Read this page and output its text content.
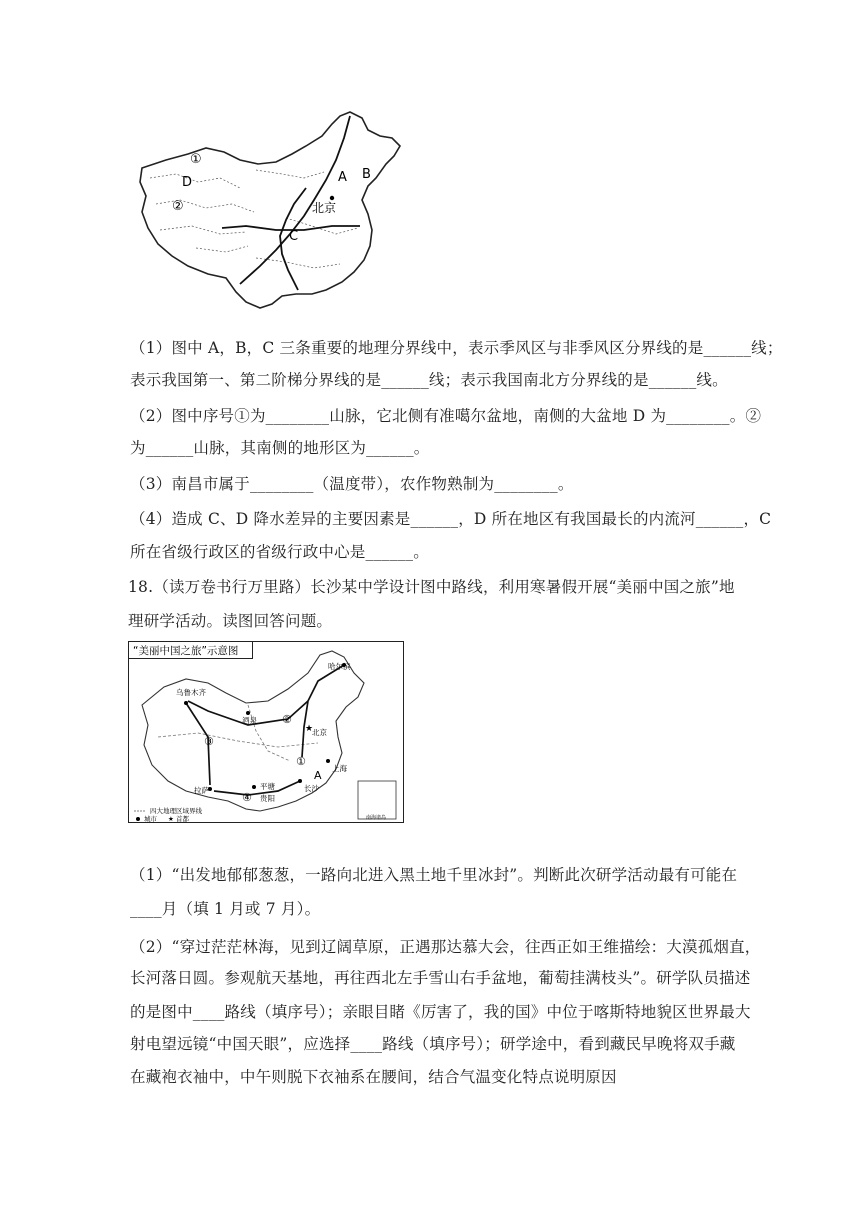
①
D
②
A B
北京
C
（1）图中 A，B，C 三条重要的地理分界线中，表示季风区与非季风区分界线的是______线；
表示我国第一、第二阶梯分界线的是______线；表示我国南北方分界线的是______线。
（2）图中序号①为________山脉，它北侧有准噶尔盆地，南侧的大盆地 D 为________。②
为______山脉，其南侧的地形区为______。
（3）南昌市属于________（温度带），农作物熟制为________。
（4）造成 C、D 降水差异的主要因素是______，D 所在地区有我国最长的内流河______，C
所在省级行政区的省级行政中心是______。
18.（读万卷书行万里路）长沙某中学设计图中路线，利用寒暑假开展“美丽中国之旅”地
理研学活动。读图回答问题。
“美丽中国之旅”示意图
南海诸岛
★
哈尔滨
乌鲁木齐
酒泉
北京
拉萨
上海
长沙
贵阳
平塘
①
②
③
④
A
四大地理区域界线
城市 ★ 首都
（1）“出发地郁郁葱葱，一路向北进入黑土地千里冰封”。判断此次研学活动最有可能在
____月（填 1 月或 7 月）。
（2）“穿过茫茫林海，见到辽阔草原，正遇那达慕大会，往西正如王维描绘：大漠孤烟直，
长河落日圆。参观航天基地，再往西北左手雪山右手盆地，葡萄挂满枝头”。研学队员描述
的是图中____路线（填序号）；亲眼目睹《厉害了，我的国》中位于喀斯特地貌区世界最大
射电望远镜“中国天眼”，应选择____路线（填序号）；研学途中，看到藏民早晚将双手藏
在藏袍衣袖中，中午则脱下衣袖系在腰间，结合气温变化特点说明原因
